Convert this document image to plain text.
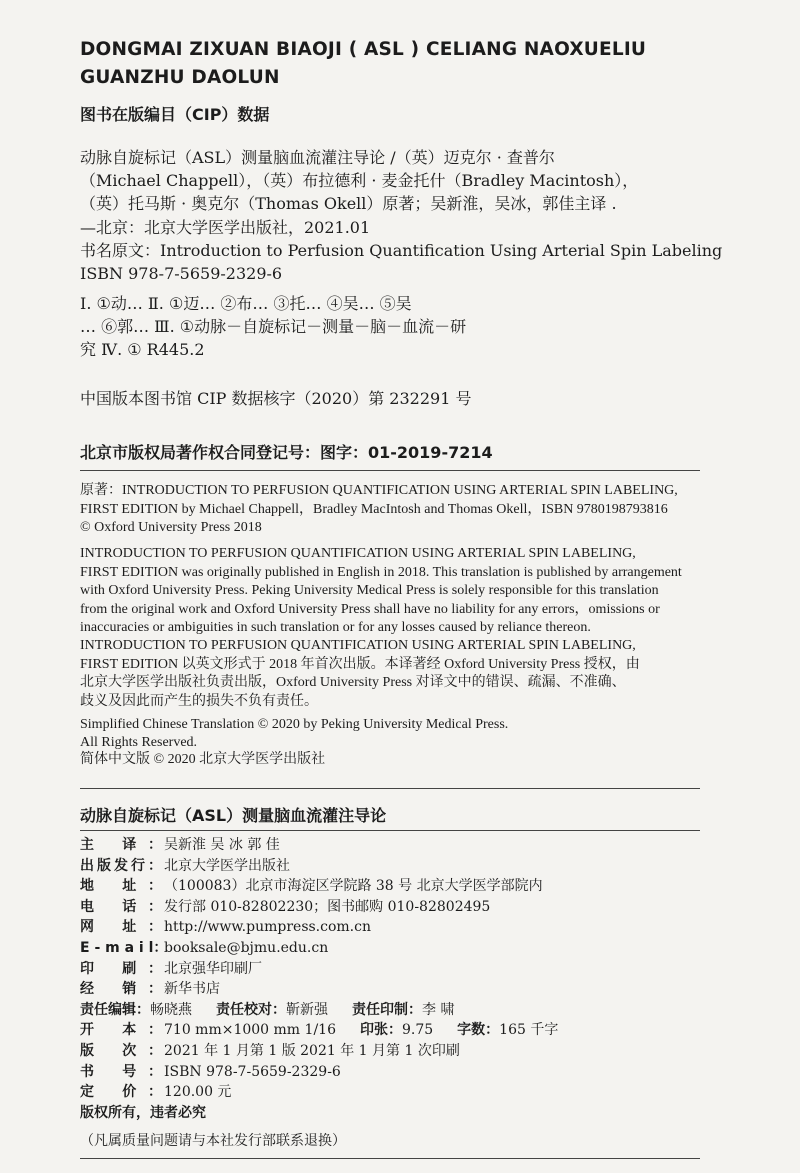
DONGMAI ZIXUAN BIAOJI ( ASL ) CELIANG NAOXUELIU
GUANZHU DAOLUN
图书在版编目（CIP）数据
动脉自旋标记（ASL）测量脑血流灌注导论 /（英）迈克尔 · 查普尔
（Michael Chappell），（英）布拉德利 · 麦金托什（Bradley Macintosh），
（英）托马斯 · 奥克尔（Thomas Okell）原著；吴新淮，吴冰，郭佳主译 .
—北京：北京大学医学出版社，2021.01
书名原文：Introduction to Perfusion Quantification Using Arterial Spin Labeling
ISBN 978-7-5659-2329-6
Ⅰ. ①动… Ⅱ. ①迈… ②布… ③托… ④吴… ⑤吴
… ⑥郭… Ⅲ. ①动脉－自旋标记－测量－脑－血流－研
究 Ⅳ. ① R445.2
中国版本图书馆 CIP 数据核字（2020）第 232291 号
北京市版权局著作权合同登记号：图字：01-2019-7214
原著：INTRODUCTION TO PERFUSION QUANTIFICATION USING ARTERIAL SPIN LABELING,
FIRST EDITION by Michael Chappell，Bradley MacIntosh and Thomas Okell，ISBN 9780198793816
© Oxford University Press 2018
INTRODUCTION TO PERFUSION QUANTIFICATION USING ARTERIAL SPIN LABELING,
FIRST EDITION was originally published in English in 2018. This translation is published by arrangement
with Oxford University Press. Peking University Medical Press is solely responsible for this translation
from the original work and Oxford University Press shall have no liability for any errors，omissions or
inaccuracies or ambiguities in such translation or for any losses caused by reliance thereon.
INTRODUCTION TO PERFUSION QUANTIFICATION USING ARTERIAL SPIN LABELING,
FIRST EDITION 以英文形式于 2018 年首次出版。本译著经 Oxford University Press 授权，由
北京大学医学出版社负责出版，Oxford University Press 对译文中的错误、疏漏、不准确、
歧义及因此而产生的损失不负有责任。
Simplified Chinese Translation © 2020 by Peking University Medical Press.
All Rights Reserved.
简体中文版 © 2020 北京大学医学出版社
动脉自旋标记（ASL）测量脑血流灌注导论
主 译： 吴新淮 吴 冰 郭 佳
出版发行： 北京大学医学出版社
地 址： （100083）北京市海淀区学院路 38 号 北京大学医学部院内
电 话： 发行部 010-82802230；图书邮购 010-82802495
网 址： http://www.pumpress.com.cn
E - m a i l：booksale@bjmu.edu.cn
印 刷： 北京强华印刷厂
经 销： 新华书店
责任编辑：畅晓燕 责任校对：靳新强 责任印制：李 啸
开 本： 710 mm×1000 mm 1/16 印张：9.75 字数：165 千字
版 次： 2021 年 1 月第 1 版 2021 年 1 月第 1 次印刷
书 号： ISBN 978-7-5659-2329-6
定 价： 120.00 元
版权所有，违者必究

（凡属质量问题请与本社发行部联系退换）
